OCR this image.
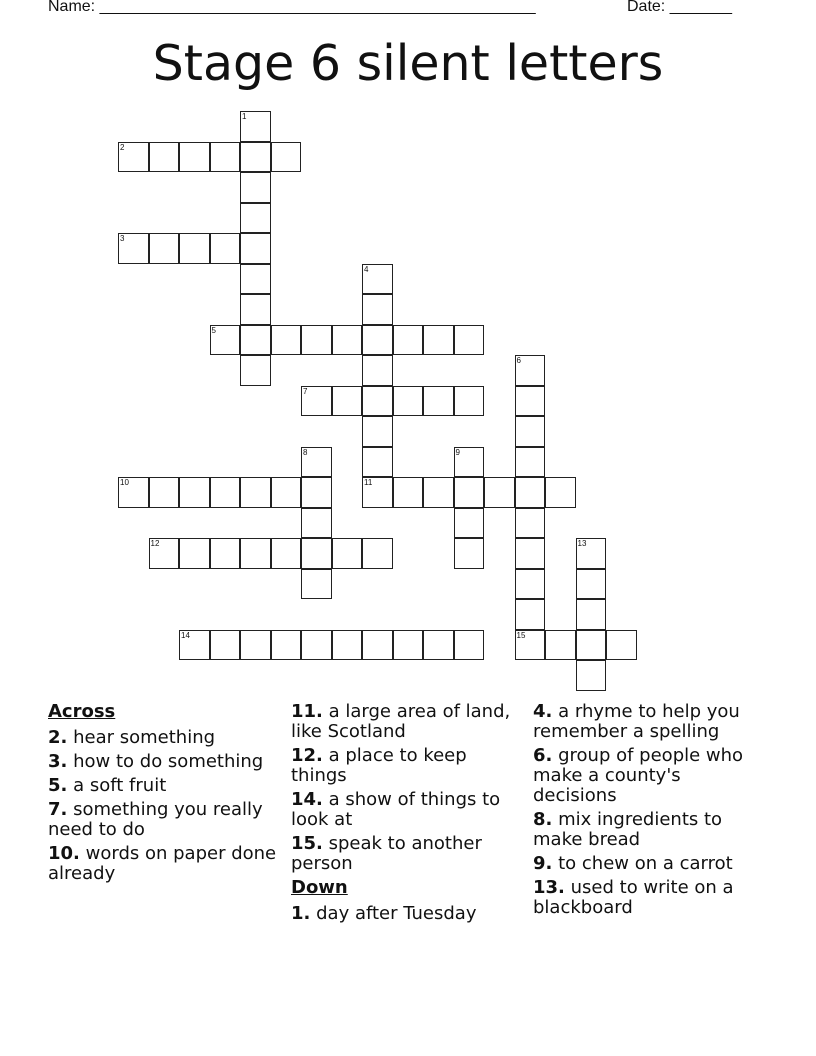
Name: _________________________________________________	Date: _______
Stage 6 silent letters
1
2
3
4
5
6
7
8	9
10	11
12	13
14	15
Across
2. hear something
3. how to do something
5. a soft fruit
7. something you really need to do
10. words on paper done already
11. a large area of land, like Scotland
12. a place to keep things
14. a show of things to look at
15. speak to another person
Down
1. day after Tuesday
4. a rhyme to help you remember a spelling
6. group of people who make a county's decisions
8. mix ingredients to make bread
9. to chew on a carrot
13. used to write on a blackboard
